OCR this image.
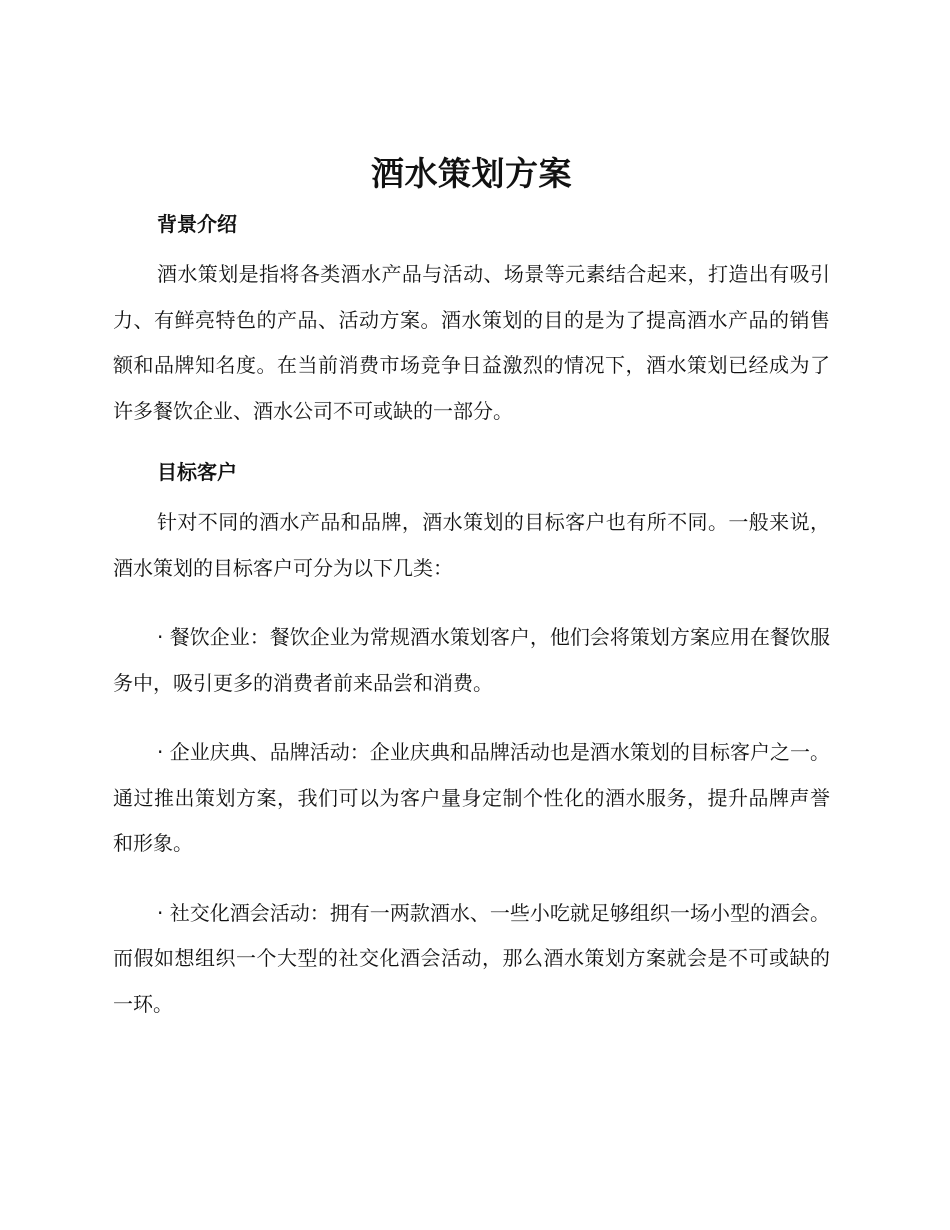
酒水策划方案
背景介绍

酒水策划是指将各类酒水产品与活动、场景等元素结合起来，打造出有吸引力、有鲜亮特色的产品、活动方案。酒水策划的目的是为了提高酒水产品的销售额和品牌知名度。在当前消费市场竞争日益激烈的情况下，酒水策划已经成为了许多餐饮企业、酒水公司不可或缺的一部分。

目标客户

针对不同的酒水产品和品牌，酒水策划的目标客户也有所不同。一般来说，酒水策划的目标客户可分为以下几类：

· 餐饮企业：餐饮企业为常规酒水策划客户，他们会将策划方案应用在餐饮服务中，吸引更多的消费者前来品尝和消费。

· 企业庆典、品牌活动：企业庆典和品牌活动也是酒水策划的目标客户之一。通过推出策划方案，我们可以为客户量身定制个性化的酒水服务，提升品牌声誉和形象。

· 社交化酒会活动：拥有一两款酒水、一些小吃就足够组织一场小型的酒会。而假如想组织一个大型的社交化酒会活动，那么酒水策划方案就会是不可或缺的一环。
